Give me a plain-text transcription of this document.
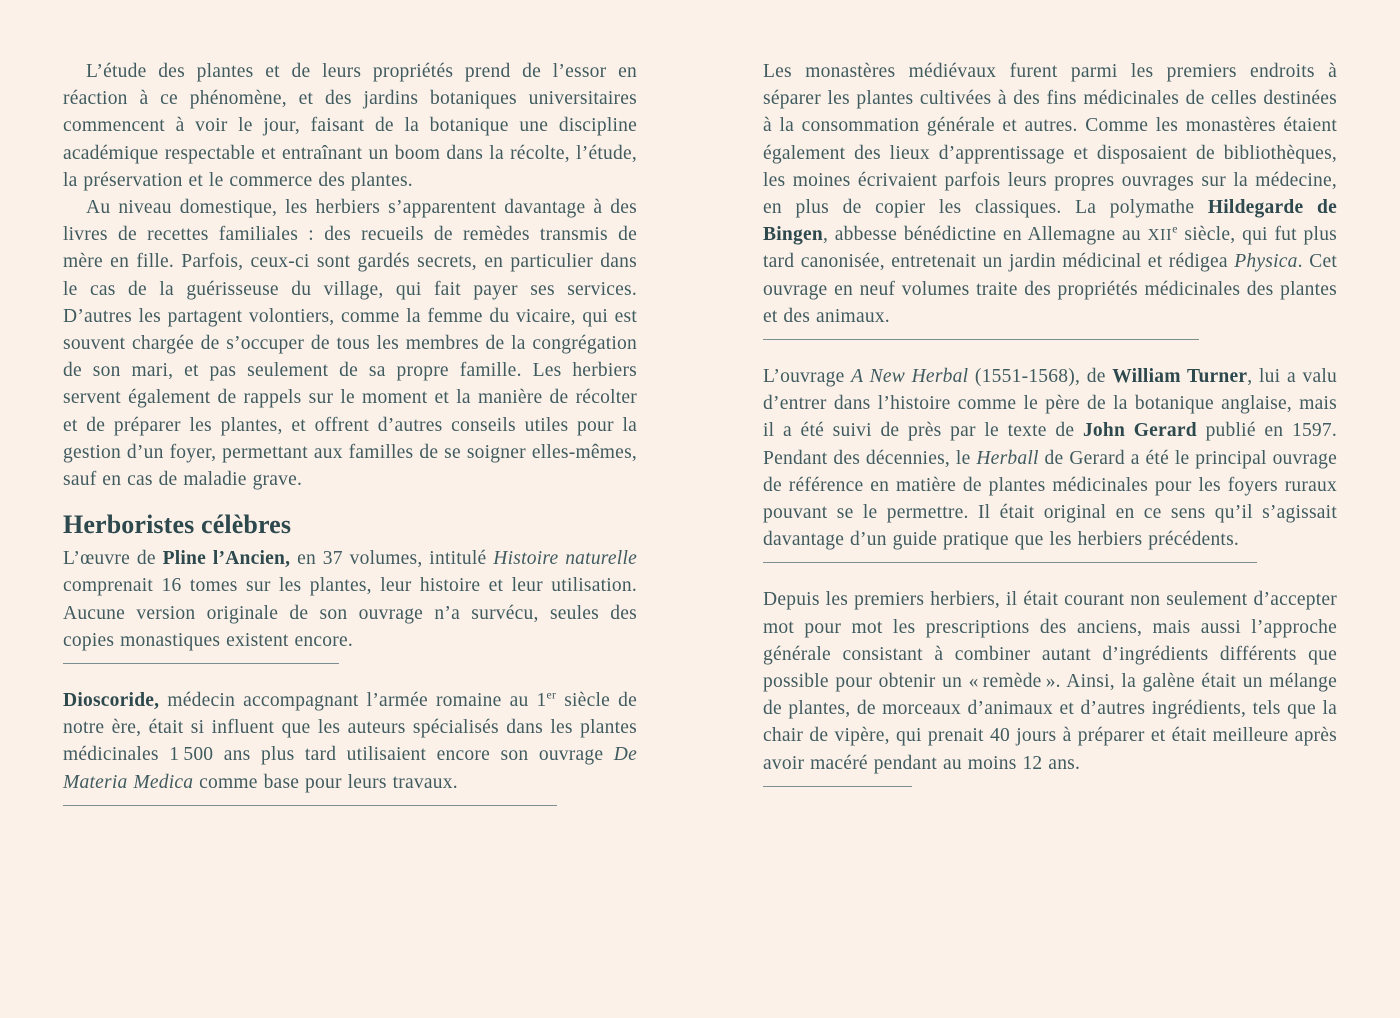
L’étude des plantes et de leurs propriétés prend de l’essor en réaction à ce phénomène, et des jardins botaniques universitaires commencent à voir le jour, faisant de la botanique une discipline académique respectable et entraînant un boom dans la récolte, l’étude, la préservation et le commerce des plantes.

Au niveau domestique, les herbiers s’apparentent davantage à des livres de recettes familiales : des recueils de remèdes transmis de mère en fille. Parfois, ceux-ci sont gardés secrets, en particulier dans le cas de la guérisseuse du village, qui fait payer ses services. D’autres les partagent volontiers, comme la femme du vicaire, qui est souvent chargée de s’occuper de tous les membres de la congrégation de son mari, et pas seulement de sa propre famille. Les herbiers servent également de rappels sur le moment et la manière de récolter et de préparer les plantes, et offrent d’autres conseils utiles pour la gestion d’un foyer, permettant aux familles de se soigner elles-mêmes, sauf en cas de maladie grave.

Herboristes célèbres

L’œuvre de Pline l’Ancien, en 37 volumes, intitulé Histoire naturelle comprenait 16 tomes sur les plantes, leur histoire et leur utilisation. Aucune version originale de son ouvrage n’a survécu, seules des copies monastiques existent encore.

Dioscoride, médecin accompagnant l’armée romaine au 1er siècle de notre ère, était si influent que les auteurs spécialisés dans les plantes médicinales 1 500 ans plus tard utilisaient encore son ouvrage De Materia Medica comme base pour leurs travaux.

Les monastères médiévaux furent parmi les premiers endroits à séparer les plantes cultivées à des fins médicinales de celles destinées à la consommation générale et autres. Comme les monastères étaient également des lieux d’apprentissage et disposaient de bibliothèques, les moines écrivaient parfois leurs propres ouvrages sur la médecine, en plus de copier les classiques. La polymathe Hildegarde de Bingen, abbesse bénédictine en Allemagne au XIIe siècle, qui fut plus tard canonisée, entretenait un jardin médicinal et rédigea Physica. Cet ouvrage en neuf volumes traite des propriétés médicinales des plantes et des animaux.

L’ouvrage A New Herbal (1551-1568), de William Turner, lui a valu d’entrer dans l’histoire comme le père de la botanique anglaise, mais il a été suivi de près par le texte de John Gerard publié en 1597. Pendant des décennies, le Herball de Gerard a été le principal ouvrage de référence en matière de plantes médicinales pour les foyers ruraux pouvant se le permettre. Il était original en ce sens qu’il s’agissait davantage d’un guide pratique que les herbiers précédents.

Depuis les premiers herbiers, il était courant non seulement d’accepter mot pour mot les prescriptions des anciens, mais aussi l’approche générale consistant à combiner autant d’ingrédients différents que possible pour obtenir un « remède ». Ainsi, la galène était un mélange de plantes, de morceaux d’animaux et d’autres ingrédients, tels que la chair de vipère, qui prenait 40 jours à préparer et était meilleure après avoir macéré pendant au moins 12 ans.
